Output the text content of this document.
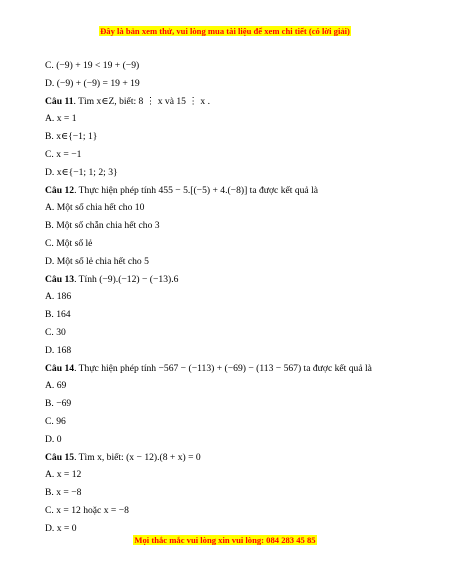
Đây là bản xem thử, vui lòng mua tài liệu để xem chi tiết (có lời giải)
C. (−9) + 19 < 19 + (−9)
D. (−9) + (−9) = 19 + 19
Câu 11. Tìm x∈Z, biết: 8 ⋮ x và 15 ⋮ x .
A. x = 1
B. x∈{−1; 1}
C. x = −1
D. x∈{−1; 1; 2; 3}
Câu 12. Thực hiện phép tính 455 − 5.[(−5) + 4.(−8)] ta được kết quả là
A. Một số chia hết cho 10
B. Một số chẵn chia hết cho 3
C. Một số lẻ
D. Một số lẻ chia hết cho 5
Câu 13. Tính (−9).(−12) − (−13).6
A. 186
B. 164
C. 30
D. 168
Câu 14. Thực hiện phép tính −567 − (−113) + (−69) − (113 − 567) ta được kết quả là
A. 69
B. −69
C. 96
D. 0
Câu 15. Tìm x, biết: (x − 12).(8 + x) = 0
A. x = 12
B. x = −8
C. x = 12 hoặc x = −8
D. x = 0
Mọi thắc mắc vui lòng xin vui lòng: 084 283 45 85
